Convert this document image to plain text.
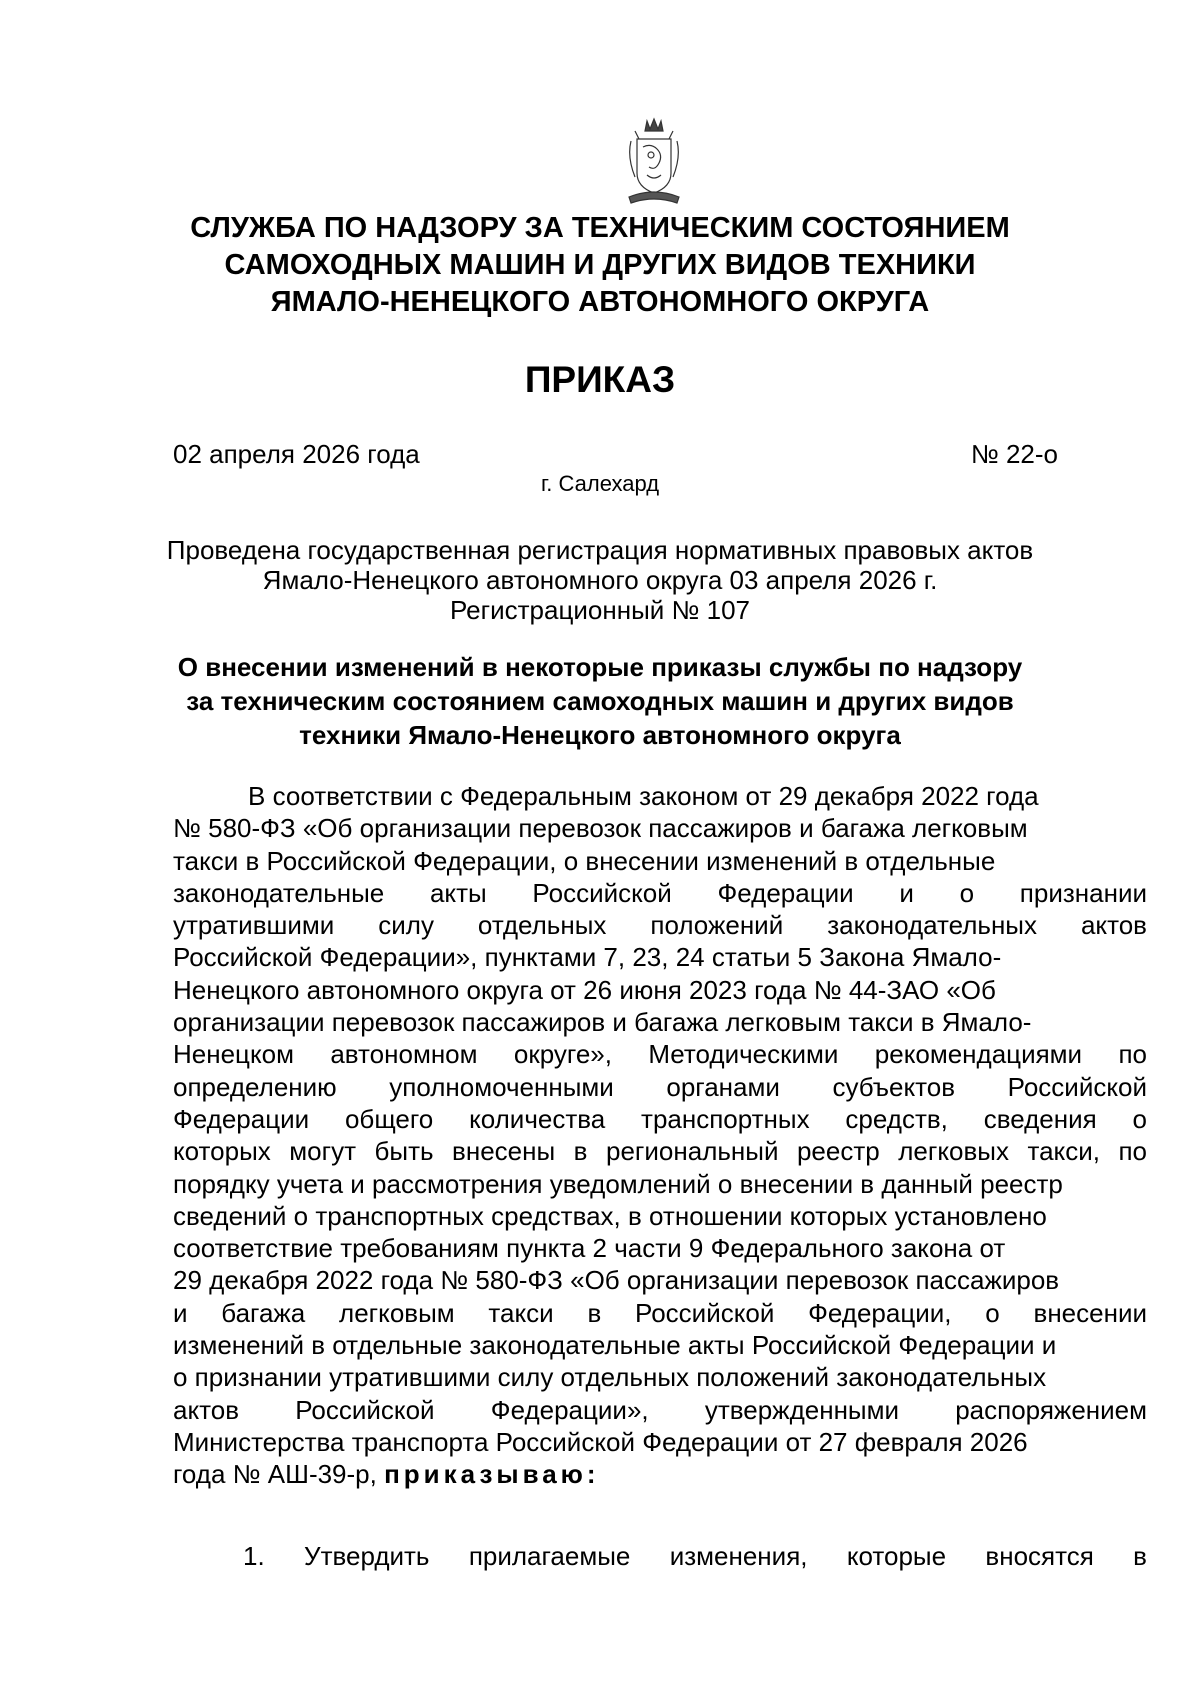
СЛУЖБА ПО НАДЗОРУ ЗА ТЕХНИЧЕСКИМ СОСТОЯНИЕМ
САМОХОДНЫХ МАШИН И ДРУГИХ ВИДОВ ТЕХНИКИ
ЯМАЛО-НЕНЕЦКОГО АВТОНОМНОГО ОКРУГА
ПРИКАЗ
02 апреля 2026 года	№ 22-о
г. Салехард
Проведена государственная регистрация нормативных правовых актов
Ямало-Ненецкого автономного округа 03 апреля 2026 г.
Регистрационный № 107
О внесении изменений в некоторые приказы службы по надзору
за техническим состоянием самоходных машин и других видов
техники Ямало-Ненецкого автономного округа
В соответствии с Федеральным законом от 29 декабря 2022 года
№ 580-ФЗ «Об организации перевозок пассажиров и багажа легковым
такси в Российской Федерации, о внесении изменений в отдельные
законодательные акты Российской Федерации и о признании
утратившими силу отдельных положений законодательных актов
Российской Федерации», пунктами 7, 23, 24 статьи 5 Закона Ямало-
Ненецкого автономного округа от 26 июня 2023 года № 44-ЗАО «Об
организации перевозок пассажиров и багажа легковым такси в Ямало-
Ненецком автономном округе», Методическими рекомендациями по
определению уполномоченными органами субъектов Российской
Федерации общего количества транспортных средств, сведения о
которых могут быть внесены в региональный реестр легковых такси, по
порядку учета и рассмотрения уведомлений о внесении в данный реестр
сведений о транспортных средствах, в отношении которых установлено
соответствие требованиям пункта 2 части 9 Федерального закона от
29 декабря 2022 года № 580-ФЗ «Об организации перевозок пассажиров
и багажа легковым такси в Российской Федерации, о внесении
изменений в отдельные законодательные акты Российской Федерации и
о признании утратившими силу отдельных положений законодательных
актов Российской Федерации», утвержденными распоряжением
Министерства транспорта Российской Федерации от 27 февраля 2026
года № АШ-39-р, приказываю:
1. Утвердить прилагаемые изменения, которые вносятся в
